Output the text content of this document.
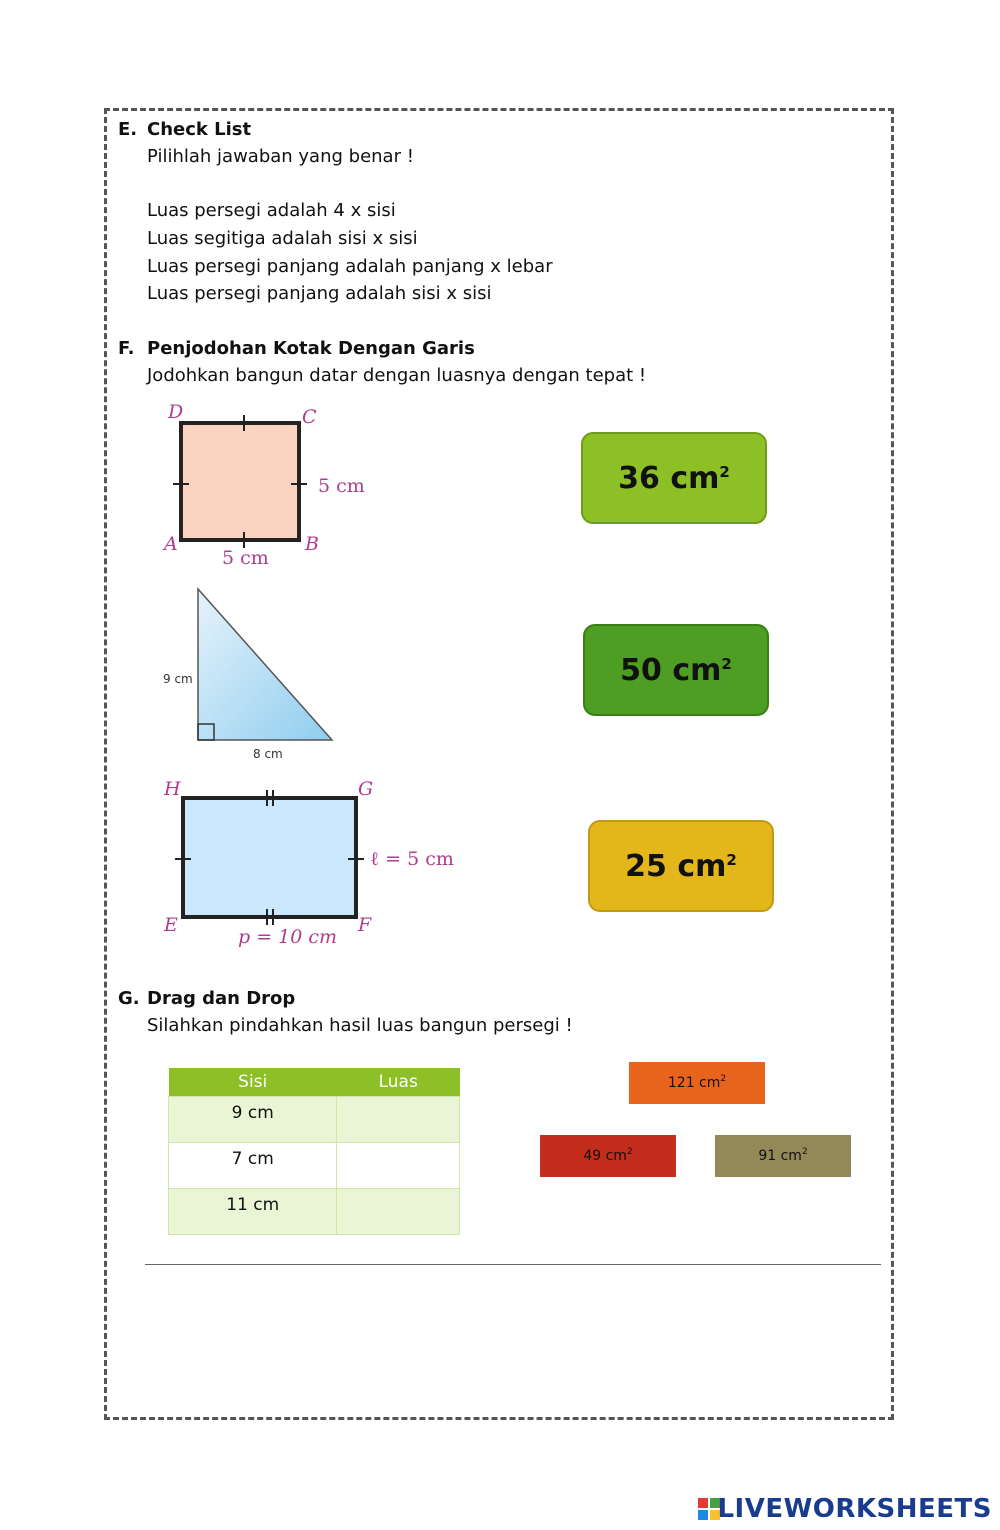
E. Check List
Pilihlah jawaban yang benar !
Luas persegi adalah 4 x sisi
Luas segitiga adalah sisi x sisi
Luas persegi panjang adalah panjang x lebar
Luas persegi panjang adalah sisi x sisi
F. Penjodohan Kotak Dengan Garis
Jodohkan bangun datar dengan luasnya dengan tepat !
D	C
A	B
5 cm
5 cm
9 cm
8 cm
H	G
E	F
ℓ = 5 cm
p = 10 cm
36 $cm^2$
50 $cm^2$
25 $cm^2$
G. Drag dan Drop
Silahkan pindahkan hasil luas bangun persegi !
Sisi	Luas
9 cm	
7 cm	
11 cm	
121 $cm^2$
49 $cm^2$	91 $cm^2$
LIVEWORKSHEETS
